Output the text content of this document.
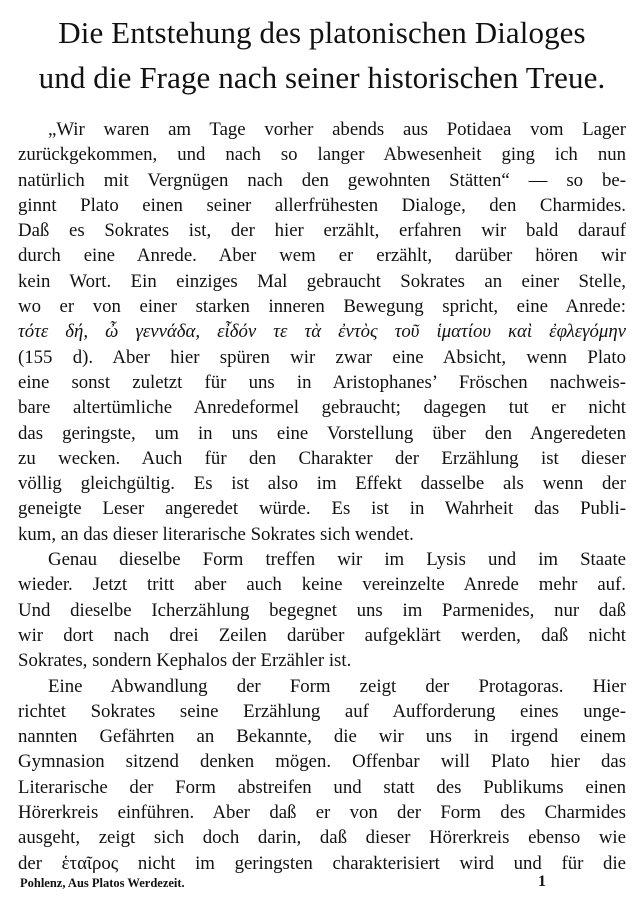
Die Entstehung des platonischen Dialoges
und die Frage nach seiner historischen Treue.
„Wir waren am Tage vorher abends aus Potidaea vom Lager
zurückgekommen, und nach so langer Abwesenheit ging ich nun
natürlich mit Vergnügen nach den gewohnten Stätten“ — so be-
ginnt Plato einen seiner allerfrühesten Dialoge, den Charmides.
Daß es Sokrates ist, der hier erzählt, erfahren wir bald darauf
durch eine Anrede. Aber wem er erzählt, darüber hören wir
kein Wort. Ein einziges Mal gebraucht Sokrates an einer Stelle,
wo er von einer starken inneren Bewegung spricht, eine Anrede:
τότε δή, ὦ γεννάδα, εἶδόν τε τὰ ἐντὸς τοῦ ἱματίου καὶ ἐφλεγόμην
(155 d). Aber hier spüren wir zwar eine Absicht, wenn Plato
eine sonst zuletzt für uns in Aristophanes’ Fröschen nachweis-
bare altertümliche Anredeformel gebraucht; dagegen tut er nicht
das geringste, um in uns eine Vorstellung über den Angeredeten
zu wecken. Auch für den Charakter der Erzählung ist dieser
völlig gleichgültig. Es ist also im Effekt dasselbe als wenn der
geneigte Leser angeredet würde. Es ist in Wahrheit das Publi-
kum, an das dieser literarische Sokrates sich wendet.
Genau dieselbe Form treffen wir im Lysis und im Staate
wieder. Jetzt tritt aber auch keine vereinzelte Anrede mehr auf.
Und dieselbe Icherzählung begegnet uns im Parmenides, nur daß
wir dort nach drei Zeilen darüber aufgeklärt werden, daß nicht
Sokrates, sondern Kephalos der Erzähler ist.
Eine Abwandlung der Form zeigt der Protagoras. Hier
richtet Sokrates seine Erzählung auf Aufforderung eines unge-
nannten Gefährten an Bekannte, die wir uns in irgend einem
Gymnasion sitzend denken mögen. Offenbar will Plato hier das
Literarische der Form abstreifen und statt des Publikums einen
Hörerkreis einführen. Aber daß er von der Form des Charmides
ausgeht, zeigt sich doch darin, daß dieser Hörerkreis ebenso wie
der ἑταῖρος nicht im geringsten charakterisiert wird und für die
Pohlenz, Aus Platos Werdezeit.	1
